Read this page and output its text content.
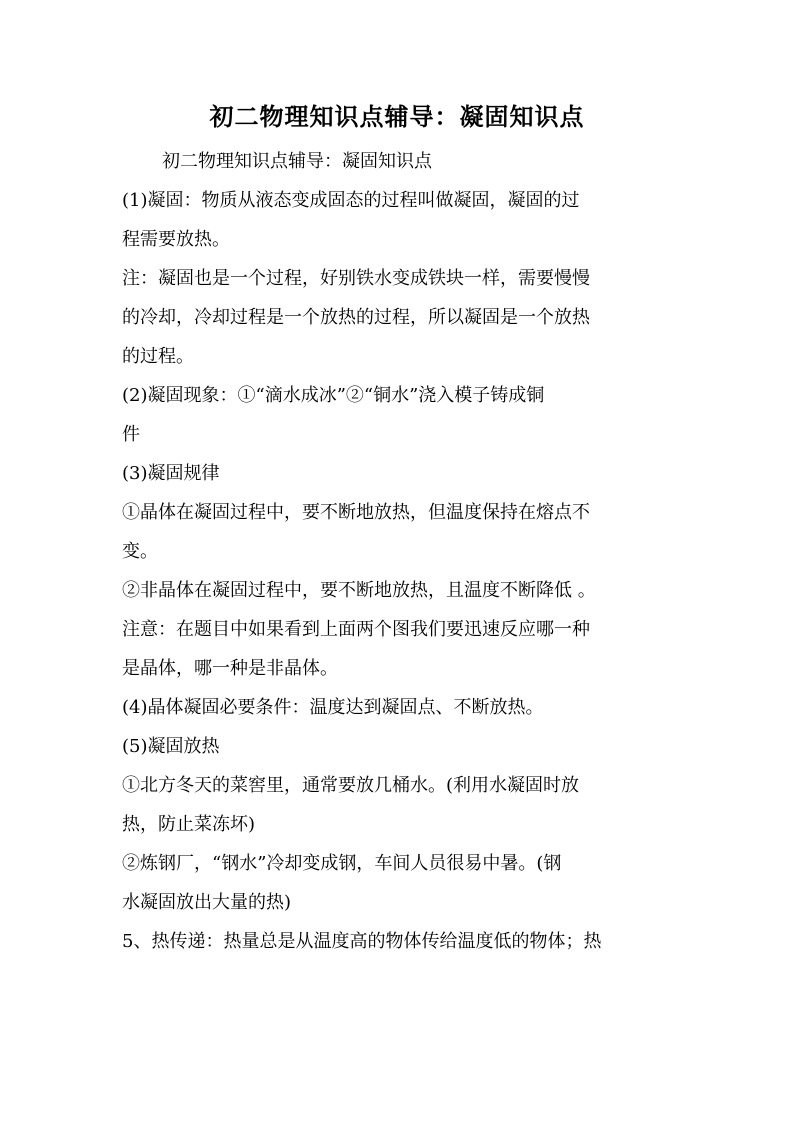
初二物理知识点辅导：凝固知识点

初二物理知识点辅导：凝固知识点

(1)凝固：物质从液态变成固态的过程叫做凝固，凝固的过

程需要放热。

注：凝固也是一个过程，好别铁水变成铁块一样，需要慢慢

的冷却，冷却过程是一个放热的过程，所以凝固是一个放热

的过程。

(2)凝固现象：①“滴水成冰”②“铜水”浇入模子铸成铜

件

(3)凝固规律

①晶体在凝固过程中，要不断地放热，但温度保持在熔点不

变。

②非晶体在凝固过程中，要不断地放热，且温度不断降低 。

注意：在题目中如果看到上面两个图我们要迅速反应哪一种

是晶体，哪一种是非晶体。

(4)晶体凝固必要条件：温度达到凝固点、不断放热。

(5)凝固放热

①北方冬天的菜窖里，通常要放几桶水。(利用水凝固时放

热，防止菜冻坏)

②炼钢厂，“钢水”冷却变成钢，车间人员很易中暑。(钢

水凝固放出大量的热)

5、热传递：热量总是从温度高的物体传给温度低的物体；热
